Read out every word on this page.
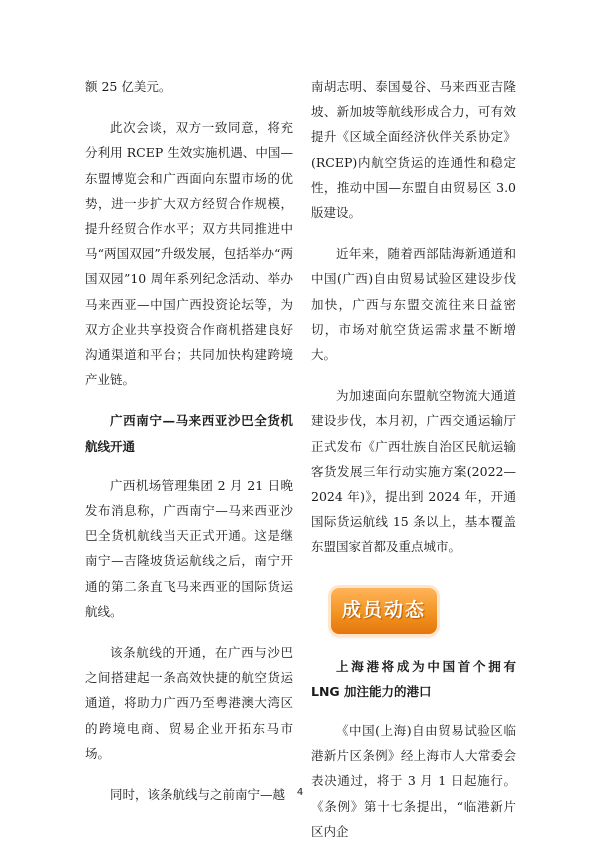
额 25 亿美元。

此次会谈，双方一致同意，将充分利用 RCEP 生效实施机遇、中国—东盟博览会和广西面向东盟市场的优势，进一步扩大双方经贸合作规模，提升经贸合作水平；双方共同推进中马“两国双园”升级发展，包括举办“两国双园”10 周年系列纪念活动、举办马来西亚—中国广西投资论坛等，为双方企业共享投资合作商机搭建良好沟通渠道和平台；共同加快构建跨境产业链。

广西南宁—马来西亚沙巴全货机航线开通

广西机场管理集团 2 月 21 日晚发布消息称，广西南宁—马来西亚沙巴全货机航线当天正式开通。这是继南宁—吉隆坡货运航线之后，南宁开通的第二条直飞马来西亚的国际货运航线。

该条航线的开通，在广西与沙巴之间搭建起一条高效快捷的航空货运通道，将助力广西乃至粤港澳大湾区的跨境电商、贸易企业开拓东马市场。

同时，该条航线与之前南宁—越

南胡志明、泰国曼谷、马来西亚吉隆坡、新加坡等航线形成合力，可有效提升《区域全面经济伙伴关系协定》(RCEP)内航空货运的连通性和稳定性，推动中国—东盟自由贸易区 3.0 版建设。

近年来，随着西部陆海新通道和中国(广西)自由贸易试验区建设步伐加快，广西与东盟交流往来日益密切，市场对航空货运需求量不断增大。

为加速面向东盟航空物流大通道建设步伐，本月初，广西交通运输厅正式发布《广西壮族自治区民航运输客货发展三年行动实施方案(2022—2024 年)》，提出到 2024 年，开通国际货运航线 15 条以上，基本覆盖东盟国家首都及重点城市。

成员动态

上海港将成为中国首个拥有 LNG 加注能力的港口

《中国(上海)自由贸易试验区临港新片区条例》经上海市人大常委会表决通过，将于 3 月 1 日起施行。《条例》第十七条提出，“临港新片区内企

4
